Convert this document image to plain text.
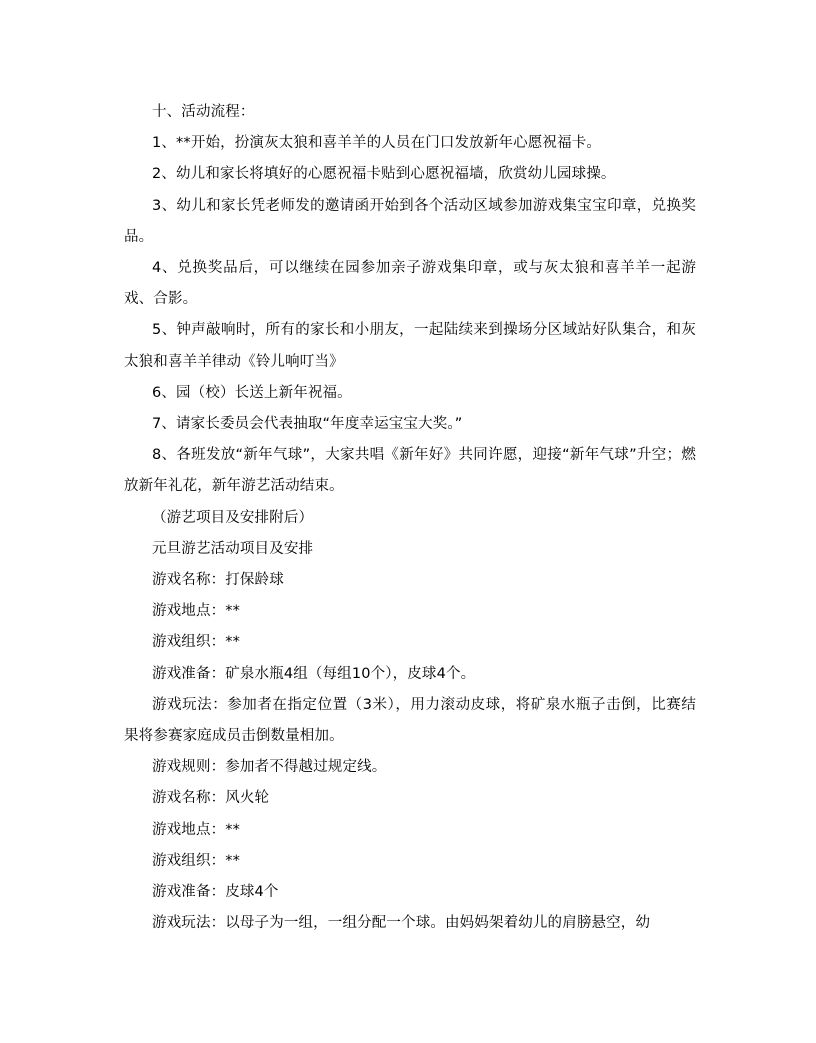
十、活动流程：

1、**开始，扮演灰太狼和喜羊羊的人员在门口发放新年心愿祝福卡。

2、幼儿和家长将填好的心愿祝福卡贴到心愿祝福墙，欣赏幼儿园球操。

3、幼儿和家长凭老师发的邀请函开始到各个活动区域参加游戏集宝宝印章，兑换奖品。

4、兑换奖品后，可以继续在园参加亲子游戏集印章，或与灰太狼和喜羊羊一起游戏、合影。

5、钟声敲响时，所有的家长和小朋友，一起陆续来到操场分区域站好队集合，和灰太狼和喜羊羊律动《铃儿响叮当》

6、园（校）长送上新年祝福。

7、请家长委员会代表抽取“年度幸运宝宝大奖。”

8、各班发放“新年气球”，大家共唱《新年好》共同许愿，迎接“新年气球”升空；燃放新年礼花，新年游艺活动结束。

（游艺项目及安排附后）

元旦游艺活动项目及安排

游戏名称：打保龄球

游戏地点：**

游戏组织：**

游戏准备：矿泉水瓶4组（每组10个），皮球4个。

游戏玩法：参加者在指定位置（3米），用力滚动皮球，将矿泉水瓶子击倒，比赛结果将参赛家庭成员击倒数量相加。

游戏规则：参加者不得越过规定线。

游戏名称：风火轮

游戏地点：**

游戏组织：**

游戏准备：皮球4个

游戏玩法：以母子为一组，一组分配一个球。由妈妈架着幼儿的肩膀悬空，幼
